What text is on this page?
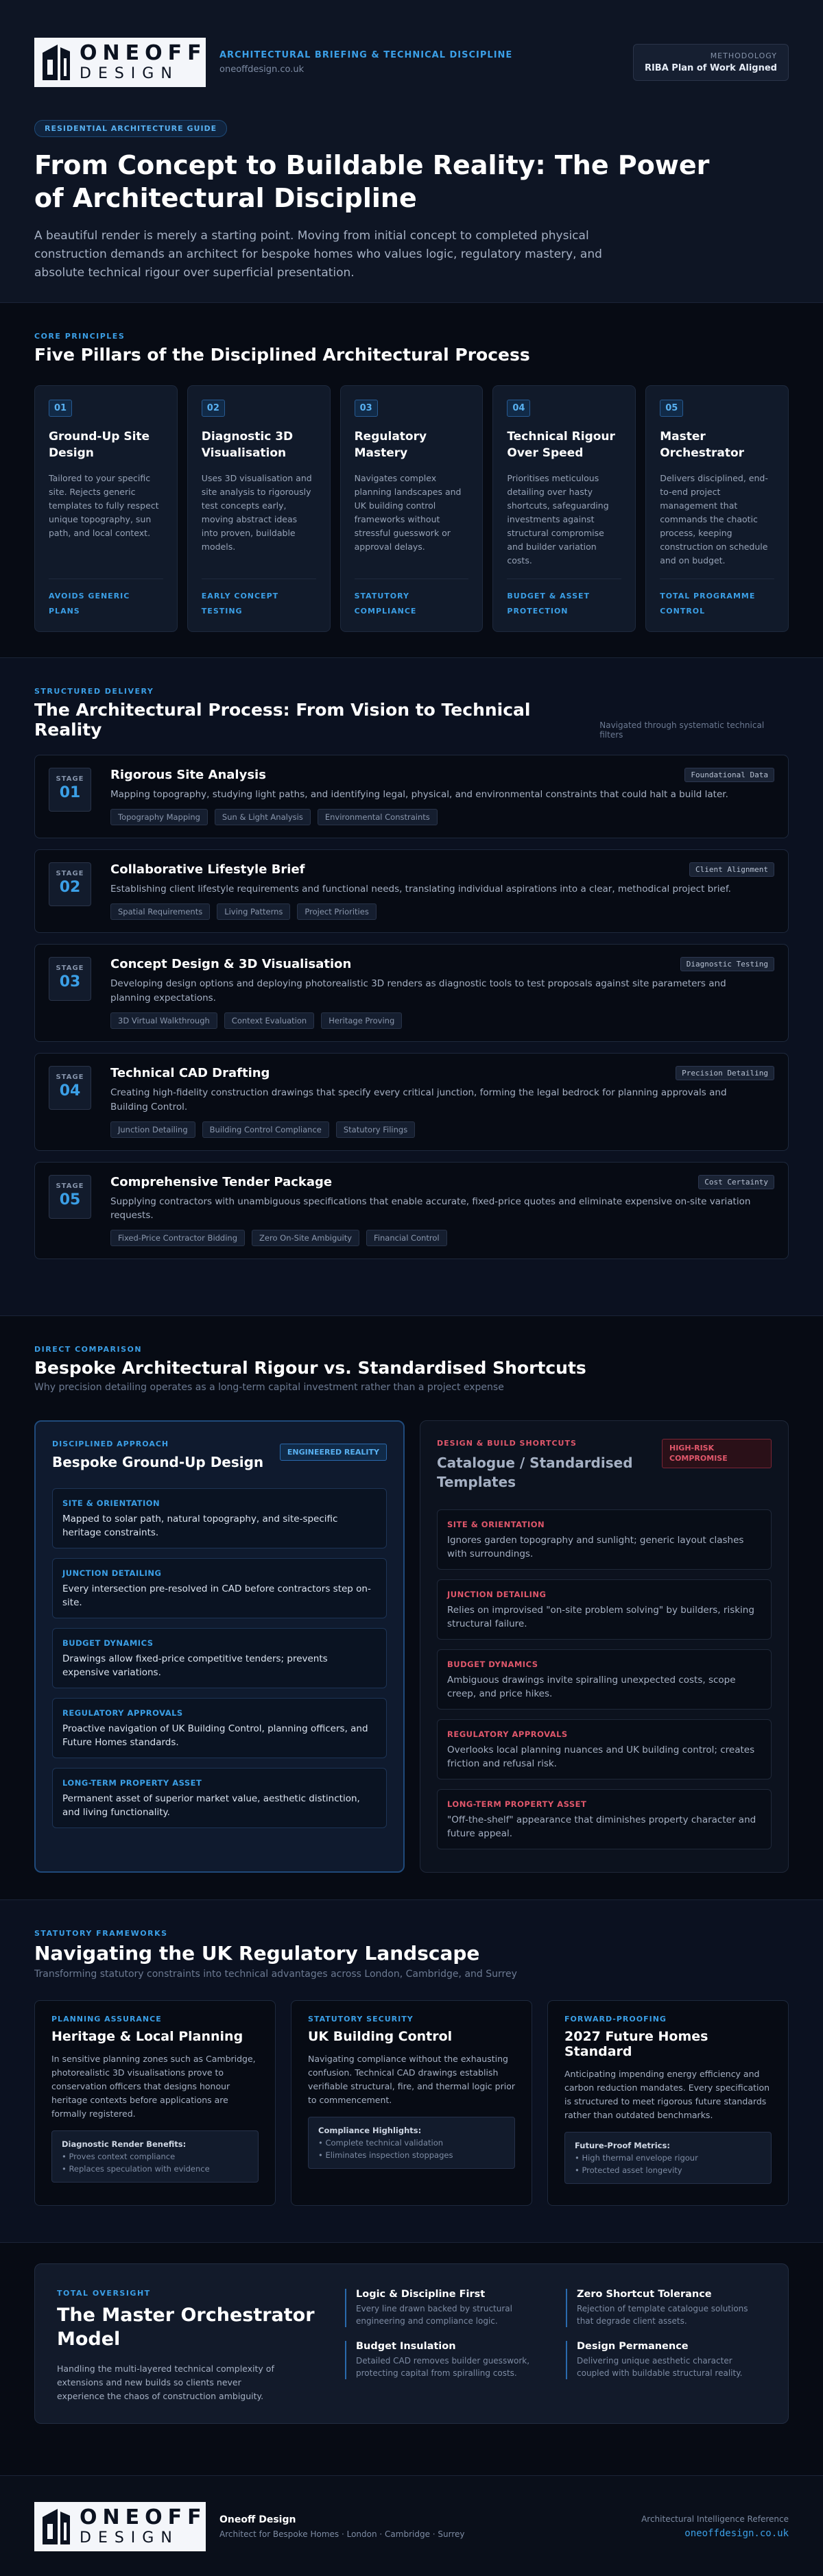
ONEOFF
DESIGN
ARCHITECTURAL BRIEFING & TECHNICAL DISCIPLINE
oneoffdesign.co.uk
METHODOLOGY
RIBA Plan of Work Aligned
RESIDENTIAL ARCHITECTURE GUIDE
From Concept to Buildable Reality: The Power of Architectural Discipline

A beautiful render is merely a starting point. Moving from initial concept to completed physical construction demands an architect for bespoke homes who values logic, regulatory mastery, and absolute technical rigour over superficial presentation.

CORE PRINCIPLES
Five Pillars of the Disciplined Architectural Process
01
Ground-Up Site Design
Tailored to your specific site. Rejects generic templates to fully respect unique topography, sun path, and local context.
AVOIDS GENERIC PLANS
02
Diagnostic 3D Visualisation
Uses 3D visualisation and site analysis to rigorously test concepts early, moving abstract ideas into proven, buildable models.
EARLY CONCEPT TESTING
03
Regulatory Mastery
Navigates complex planning landscapes and UK building control frameworks without stressful guesswork or approval delays.
STATUTORY COMPLIANCE
04
Technical Rigour Over Speed
Prioritises meticulous detailing over hasty shortcuts, safeguarding investments against structural compromise and builder variation costs.
BUDGET & ASSET PROTECTION
05
Master Orchestrator
Delivers disciplined, end-to-end project management that commands the chaotic process, keeping construction on schedule and on budget.
TOTAL PROGRAMME CONTROL
STRUCTURED DELIVERY
The Architectural Process: From Vision to Technical Reality	Navigated through systematic technical filters
STAGE
01
Rigorous Site Analysis
Mapping topography, studying light paths, and identifying legal, physical, and environmental constraints that could halt a build later.
Topography Mapping	Sun & Light Analysis	Environmental Constraints
Foundational Data
STAGE
02
Collaborative Lifestyle Brief
Establishing client lifestyle requirements and functional needs, translating individual aspirations into a clear, methodical project brief.
Spatial Requirements	Living Patterns	Project Priorities
Client Alignment
STAGE
03
Concept Design & 3D Visualisation
Developing design options and deploying photorealistic 3D renders as diagnostic tools to test proposals against site parameters and planning expectations.
3D Virtual Walkthrough	Context Evaluation	Heritage Proving
Diagnostic Testing
STAGE
04
Technical CAD Drafting
Creating high-fidelity construction drawings that specify every critical junction, forming the legal bedrock for planning approvals and Building Control.
Junction Detailing	Building Control Compliance	Statutory Filings
Precision Detailing
STAGE
05
Comprehensive Tender Package
Supplying contractors with unambiguous specifications that enable accurate, fixed-price quotes and eliminate expensive on-site variation requests.
Fixed-Price Contractor Bidding	Zero On-Site Ambiguity	Financial Control
Cost Certainty
DIRECT COMPARISON
Bespoke Architectural Rigour vs. Standardised Shortcuts
Why precision detailing operates as a long-term capital investment rather than a project expense
DISCIPLINED APPROACH
Bespoke Ground-Up Design
ENGINEERED REALITY
SITE & ORIENTATION
Mapped to solar path, natural topography, and site-specific heritage constraints.
JUNCTION DETAILING
Every intersection pre-resolved in CAD before contractors step on-site.
BUDGET DYNAMICS
Drawings allow fixed-price competitive tenders; prevents expensive variations.
REGULATORY APPROVALS
Proactive navigation of UK Building Control, planning officers, and Future Homes standards.
LONG-TERM PROPERTY ASSET
Permanent asset of superior market value, aesthetic distinction, and living functionality.
DESIGN & BUILD SHORTCUTS
Catalogue / Standardised Templates
HIGH-RISK COMPROMISE
SITE & ORIENTATION
Ignores garden topography and sunlight; generic layout clashes with surroundings.
JUNCTION DETAILING
Relies on improvised "on-site problem solving" by builders, risking structural failure.
BUDGET DYNAMICS
Ambiguous drawings invite spiralling unexpected costs, scope creep, and price hikes.
REGULATORY APPROVALS
Overlooks local planning nuances and UK building control; creates friction and refusal risk.
LONG-TERM PROPERTY ASSET
"Off-the-shelf" appearance that diminishes property character and future appeal.
STATUTORY FRAMEWORKS
Navigating the UK Regulatory Landscape
Transforming statutory constraints into technical advantages across London, Cambridge, and Surrey
PLANNING ASSURANCE
Heritage & Local Planning
In sensitive planning zones such as Cambridge, photorealistic 3D visualisations prove to conservation officers that designs honour heritage contexts before applications are formally registered.
Diagnostic Render Benefits:
• Proves context compliance
• Replaces speculation with evidence
STATUTORY SECURITY
UK Building Control
Navigating compliance without the exhausting confusion. Technical CAD drawings establish verifiable structural, fire, and thermal logic prior to commencement.
Compliance Highlights:
• Complete technical validation
• Eliminates inspection stoppages
FORWARD-PROOFING
2027 Future Homes Standard
Anticipating impending energy efficiency and carbon reduction mandates. Every specification is structured to meet rigorous future standards rather than outdated benchmarks.
Future-Proof Metrics:
• High thermal envelope rigour
• Protected asset longevity
TOTAL OVERSIGHT
The Master Orchestrator Model
Handling the multi-layered technical complexity of extensions and new builds so clients never experience the chaos of construction ambiguity.
Logic & Discipline First
Every line drawn backed by structural engineering and compliance logic.
Zero Shortcut Tolerance
Rejection of template catalogue solutions that degrade client assets.
Budget Insulation
Detailed CAD removes builder guesswork, protecting capital from spiralling costs.
Design Permanence
Delivering unique aesthetic character coupled with buildable structural reality.
ONEOFF
DESIGN
Oneoff Design
Architect for Bespoke Homes · London · Cambridge · Surrey
Architectural Intelligence Reference
oneoffdesign.co.uk
